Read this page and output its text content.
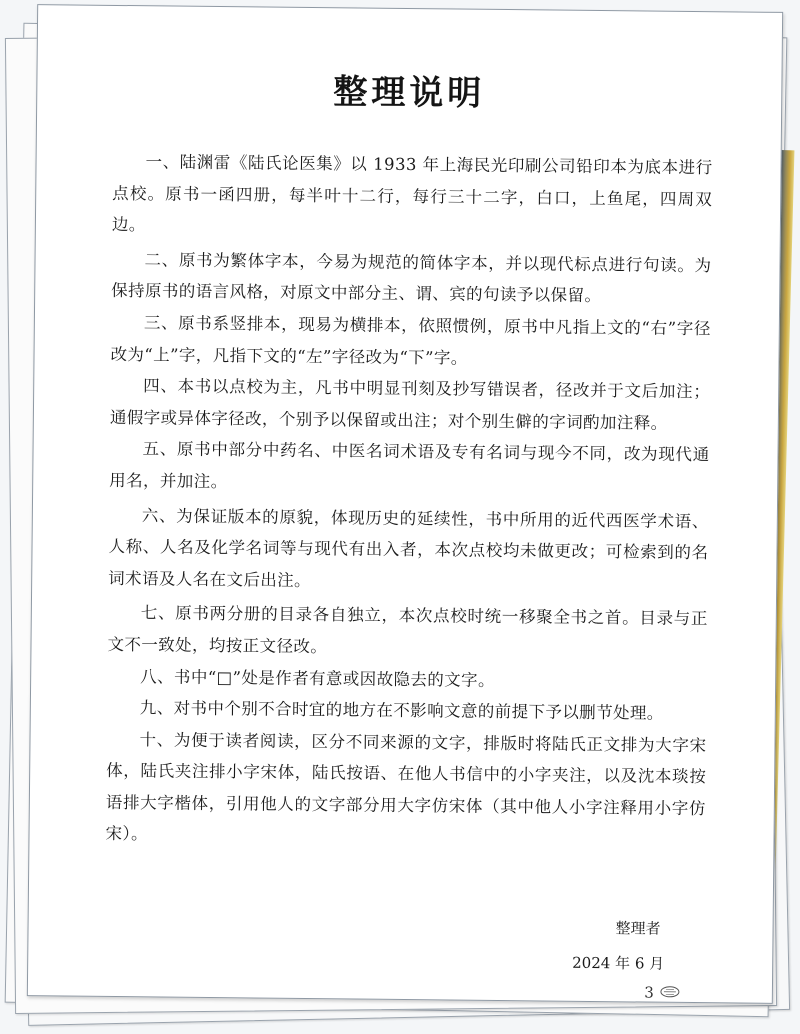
整理说明

一、陆渊雷《陆氏论医集》以 1933 年上海民光印刷公司铅印本为底本进行点校。原书一函四册，每半叶十二行，每行三十二字，白口，上鱼尾，四周双边。

二、原书为繁体字本，今易为规范的简体字本，并以现代标点进行句读。为保持原书的语言风格，对原文中部分主、谓、宾的句读予以保留。

三、原书系竖排本，现易为横排本，依照惯例，原书中凡指上文的“右”字径改为“上”字，凡指下文的“左”字径改为“下”字。

四、本书以点校为主，凡书中明显刊刻及抄写错误者，径改并于文后加注；通假字或异体字径改，个别予以保留或出注；对个别生僻的字词酌加注释。

五、原书中部分中药名、中医名词术语及专有名词与现今不同，改为现代通用名，并加注。

六、为保证版本的原貌，体现历史的延续性，书中所用的近代西医学术语、人称、人名及化学名词等与现代有出入者，本次点校均未做更改；可检索到的名词术语及人名在文后出注。

七、原书两分册的目录各自独立，本次点校时统一移聚全书之首。目录与正文不一致处，均按正文径改。

八、书中“□”处是作者有意或因故隐去的文字。

九、对书中个别不合时宜的地方在不影响文意的前提下予以删节处理。

十、为便于读者阅读，区分不同来源的文字，排版时将陆氏正文排为大字宋体，陆氏夹注排小字宋体，陆氏按语、在他人书信中的小字夹注，以及沈本琰按语排大字楷体，引用他人的文字部分用大字仿宋体（其中他人小字注释用小字仿宋）。

整理者
2024 年 6 月
3
